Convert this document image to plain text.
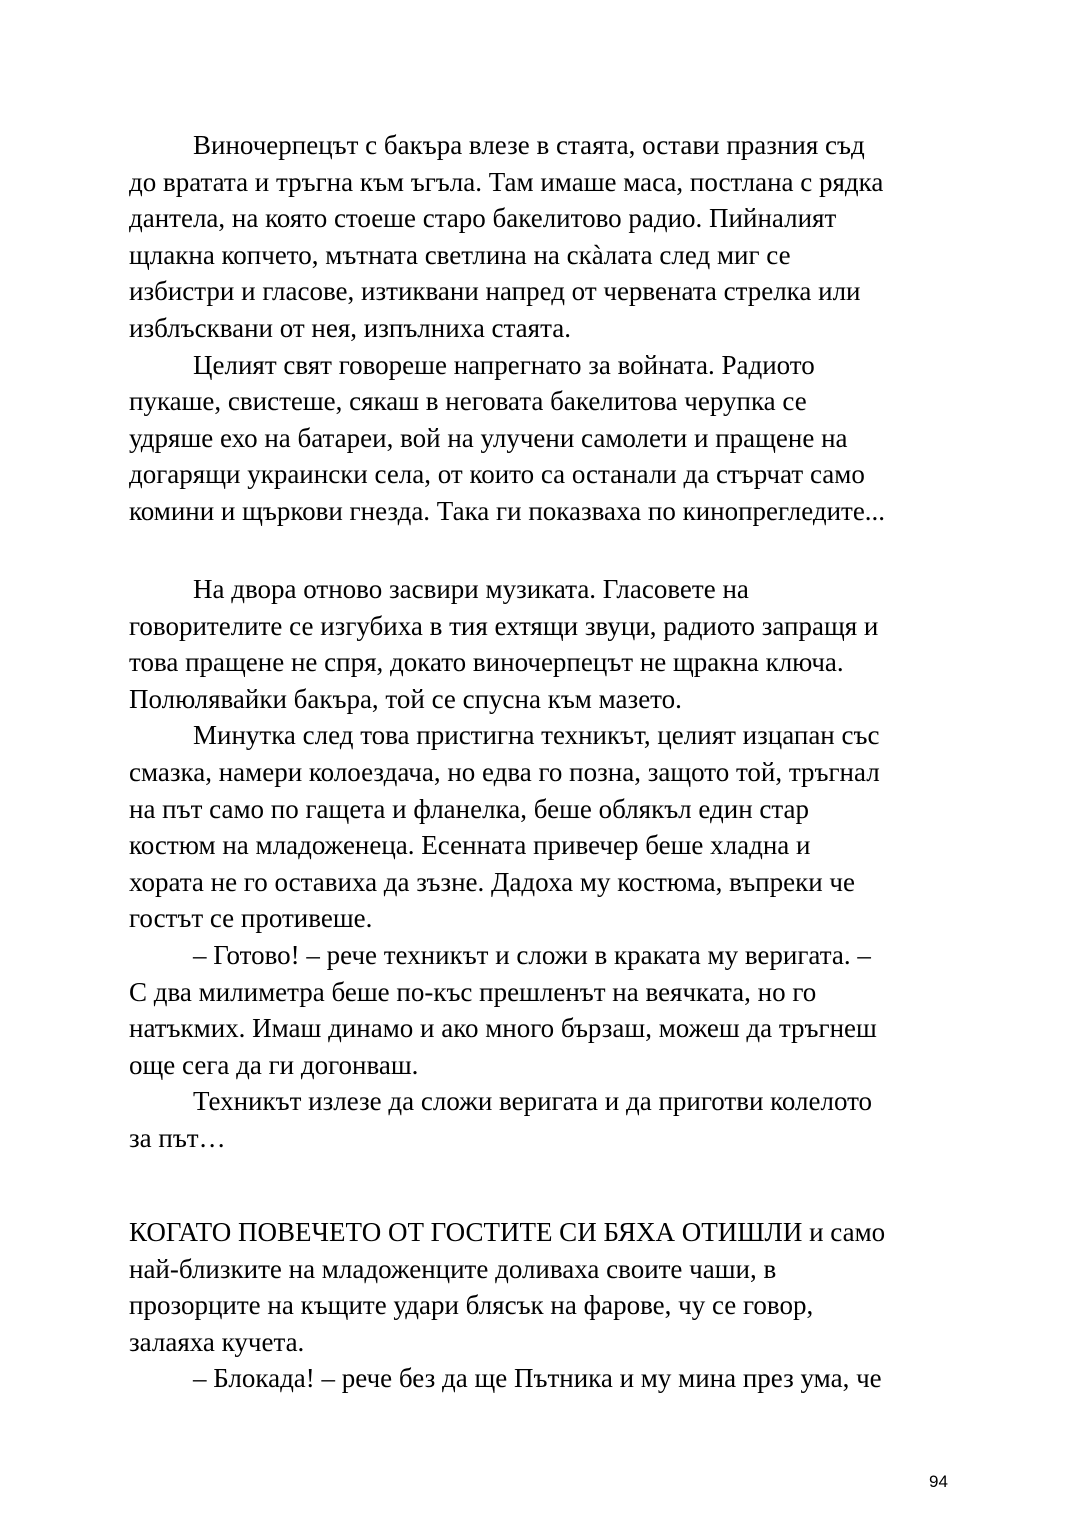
Виночерпецът с бакъра влезе в стаята, остави празния съд
до вратата и тръгна към ъгъла. Там имаше маса, постлана с рядка
дантела, на която стоеше старо бакелитово радио. Пийналият
щлакна копчето, мътната светлина на скàлата след миг се
избистри и гласове, изтиквани напред от червената стрелка или
изблъсквани от нея, изпълниха стаята.
Целият свят говореше напрегнато за войната. Радиото
пукаше, свистеше, сякаш в неговата бакелитова черупка се
удряше ехо на батареи, вой на улучени самолети и пращене на
догарящи украински села, от които са останали да стърчат само
комини и щъркови гнезда. Така ги показваха по кинопрегледите...
На двора отново засвири музиката. Гласовете на
говорителите се изгубиха в тия ехтящи звуци, радиото запращя и
това пращене не спря, докато виночерпецът не щракна ключа.
Полюлявайки бакъра, той се спусна към мазето.
Минутка след това пристигна техникът, целият изцапан със
смазка, намери колоездача, но едва го позна, защото той, тръгнал
на път само по гащета и фланелка, беше облякъл един стар
костюм на младоженеца. Есенната привечер беше хладна и
хората не го оставиха да зъзне. Дадоха му костюма, въпреки че
гостът се противеше.
– Готово! – рече техникът и сложи в краката му веригата. –
С два милиметра беше по-къс прешленът на веячката, но го
натъкмих. Имаш динамо и ако много бързаш, можеш да тръгнеш
още сега да ги догонваш.
Техникът излезе да сложи веригата и да приготви колелото
за път…
КОГАТО ПОВЕЧЕТО ОТ ГОСТИТЕ СИ БЯХА ОТИШЛИ и само
най-близките на младоженците доливаха своите чаши, в
прозорците на къщите удари блясък на фарове, чу се говор,
залаяха кучета.
– Блокада! – рече без да ще Пътника и му мина през ума, че
94
